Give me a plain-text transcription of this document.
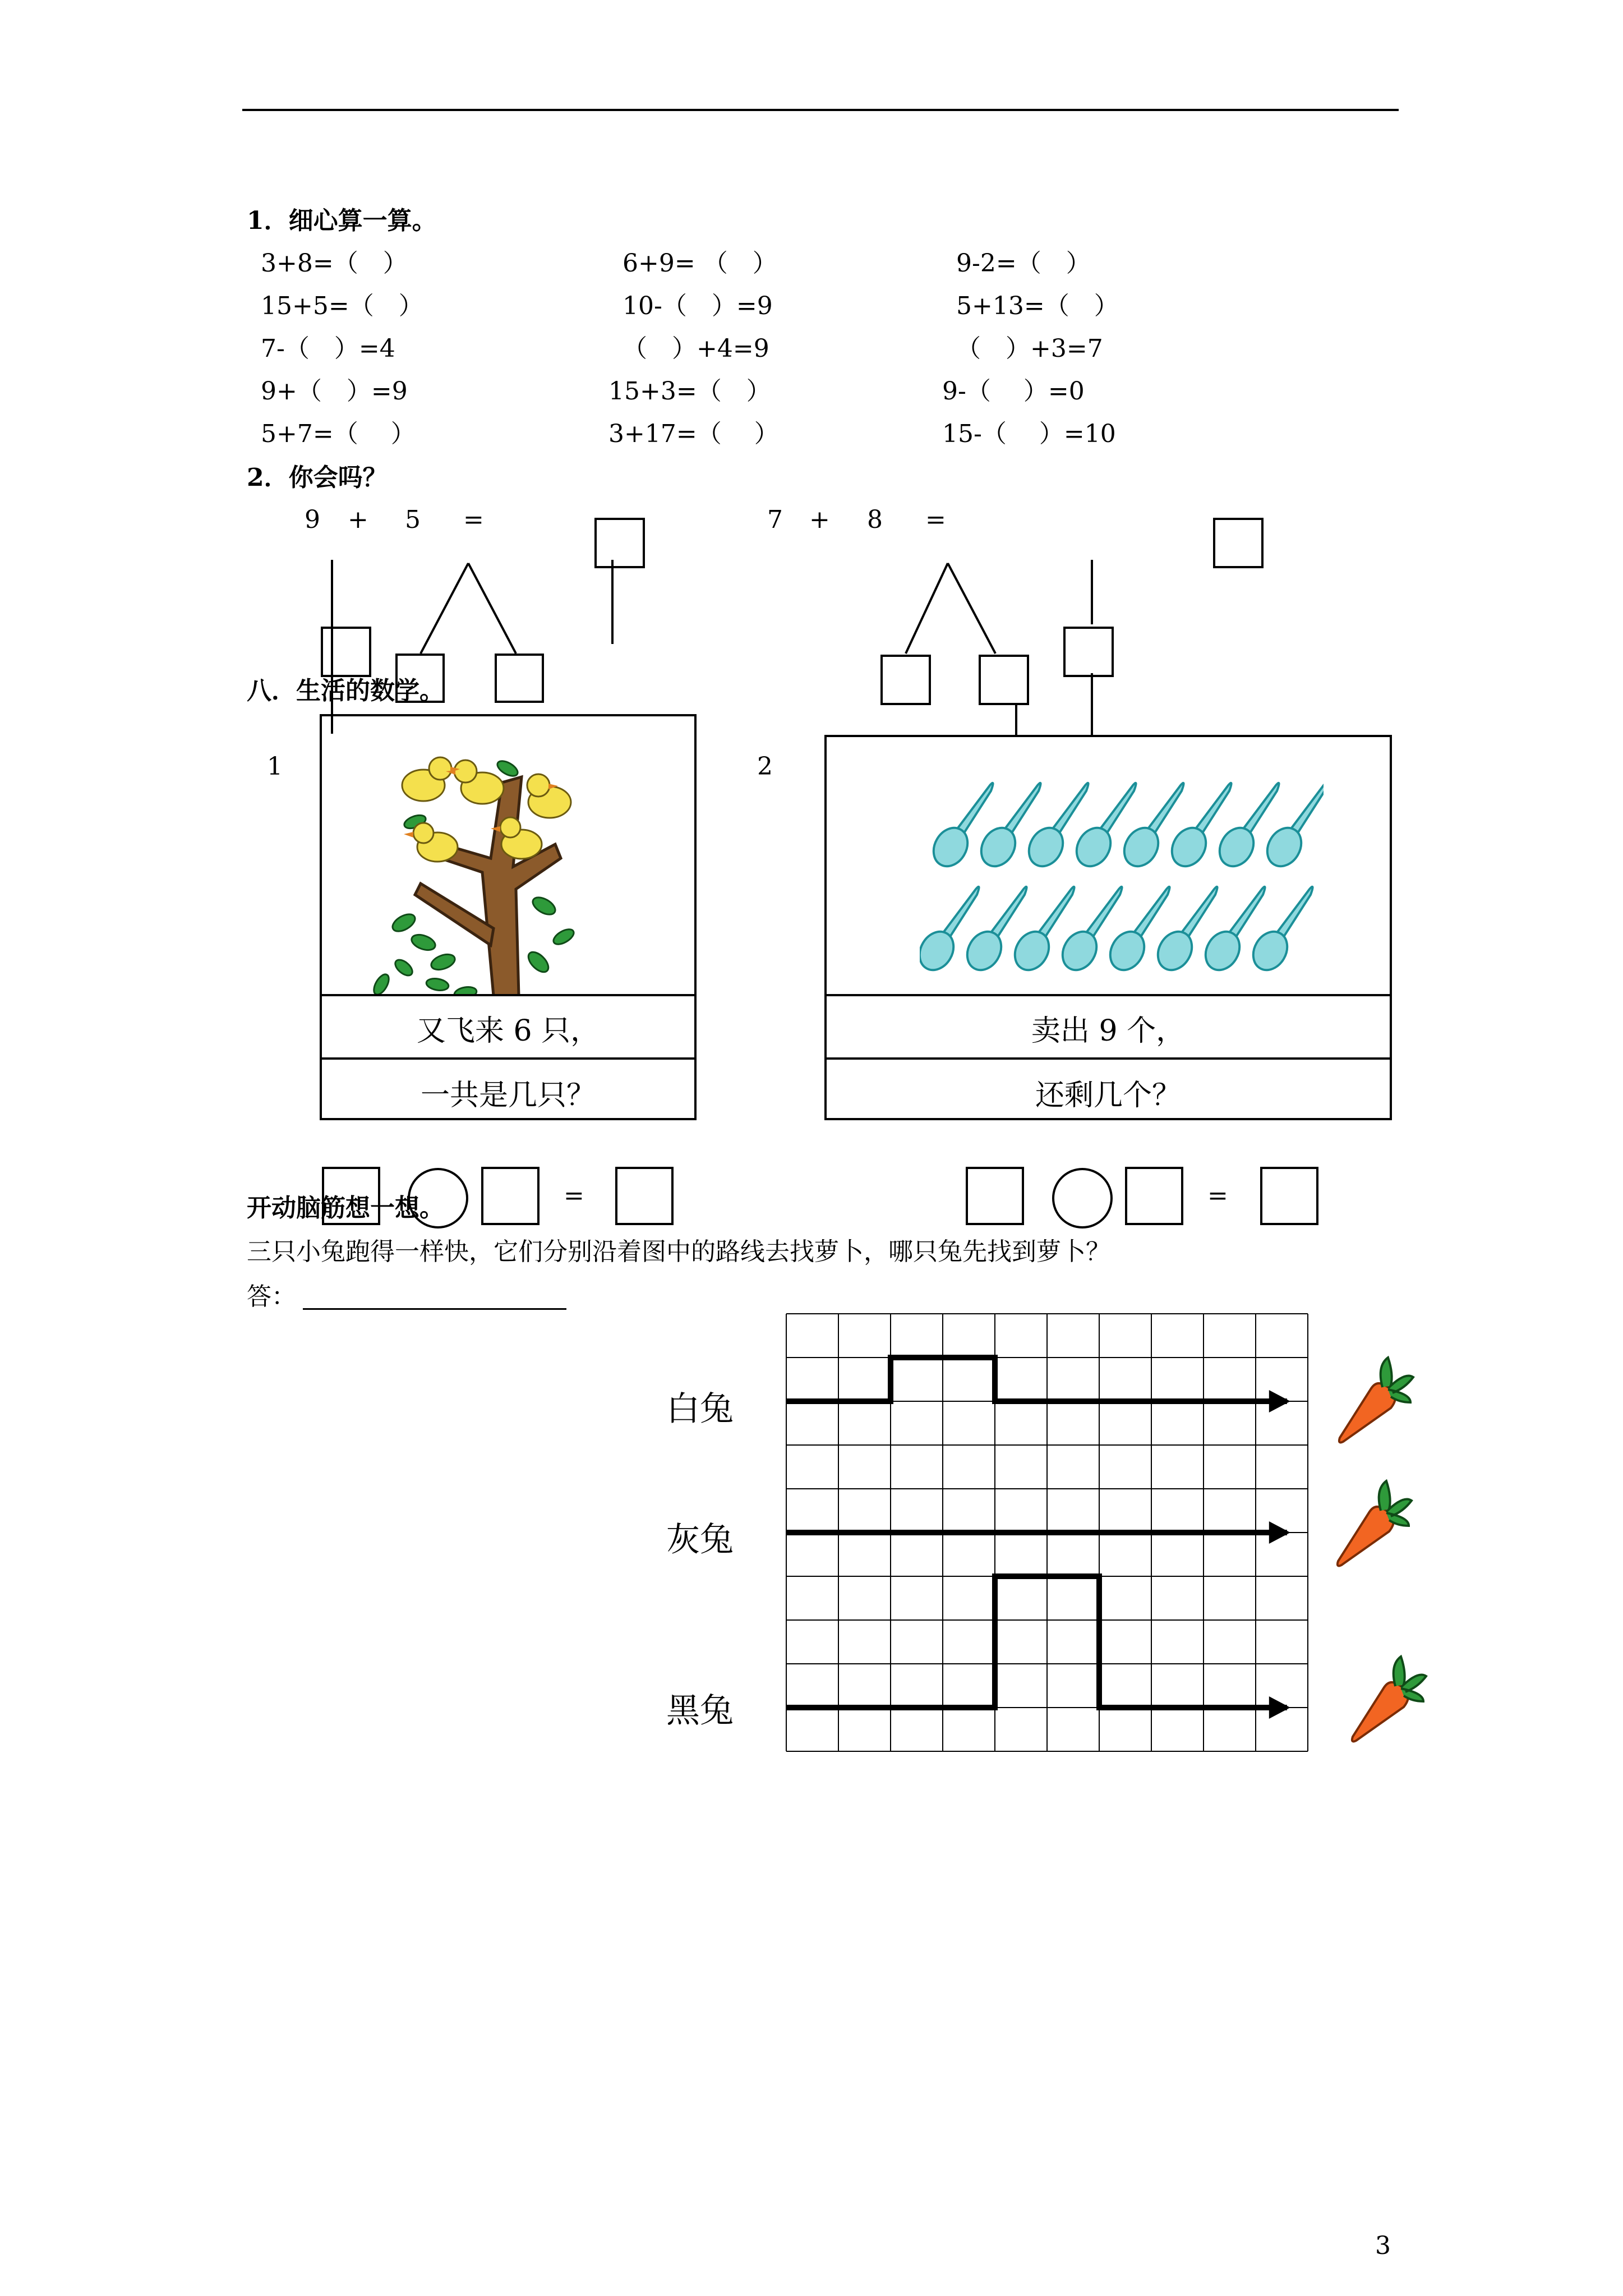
1．细心算一算。
3+8=（　）	6+9= （　）	9-2=（　）
15+5=（　）	10-（　）=9	5+13=（　）
7-（　）=4	（　）+4=9	（　）+3=7
9+（　）=9	15+3=（　）	9-（　 ）=0
5+7=（　 ）	3+17=（　 ）	15-（　 ）=10
2．你会吗？
9 + 5 =	7 + 8 =
八．生活的数学。
1
又飞来 6 只，
一共是几只？
2
卖出 9 个，
还剩几个？
=	=
开动脑筋想一想。
三只小兔跑得一样快，它们分别沿着图中的路线去找萝卜，哪只兔先找到萝卜？
答：
白兔
灰兔
黑兔
3
